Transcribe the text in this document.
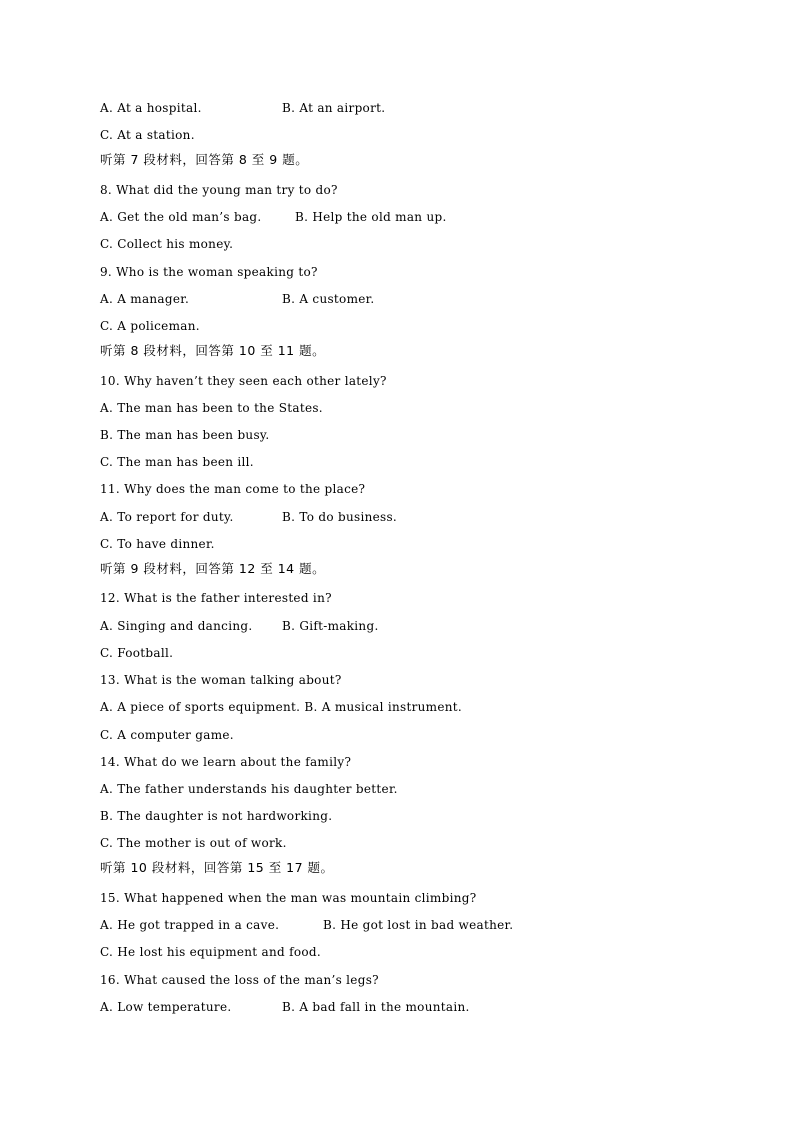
A. At a hospital.	B. At an airport.
C. At a station.
听第 7 段材料，回答第 8 至 9 题。
8. What did the young man try to do?
A. Get the old man’s bag.	B. Help the old man up.
C. Collect his money.
9. Who is the woman speaking to?
A. A manager.	B. A customer.
C. A policeman.
听第 8 段材料，回答第 10 至 11 题。
10. Why haven’t they seen each other lately?
A. The man has been to the States.
B. The man has been busy.
C. The man has been ill.
11. Why does the man come to the place?
A. To report for duty.	B. To do business.
C. To have dinner.
听第 9 段材料，回答第 12 至 14 题。
12. What is the father interested in?
A. Singing and dancing. B. Gift-making.
C. Football.
13. What is the woman talking about?
A. A piece of sports equipment. B. A musical instrument.
C. A computer game.
14. What do we learn about the family?
A. The father understands his daughter better.
B. The daughter is not hardworking.
C. The mother is out of work.
听第 10 段材料，回答第 15 至 17 题。
15. What happened when the man was mountain climbing?
A. He got trapped in a cave.	B. He got lost in bad weather.
C. He lost his equipment and food.
16. What caused the loss of the man’s legs?
A. Low temperature.	B. A bad fall in the mountain.
